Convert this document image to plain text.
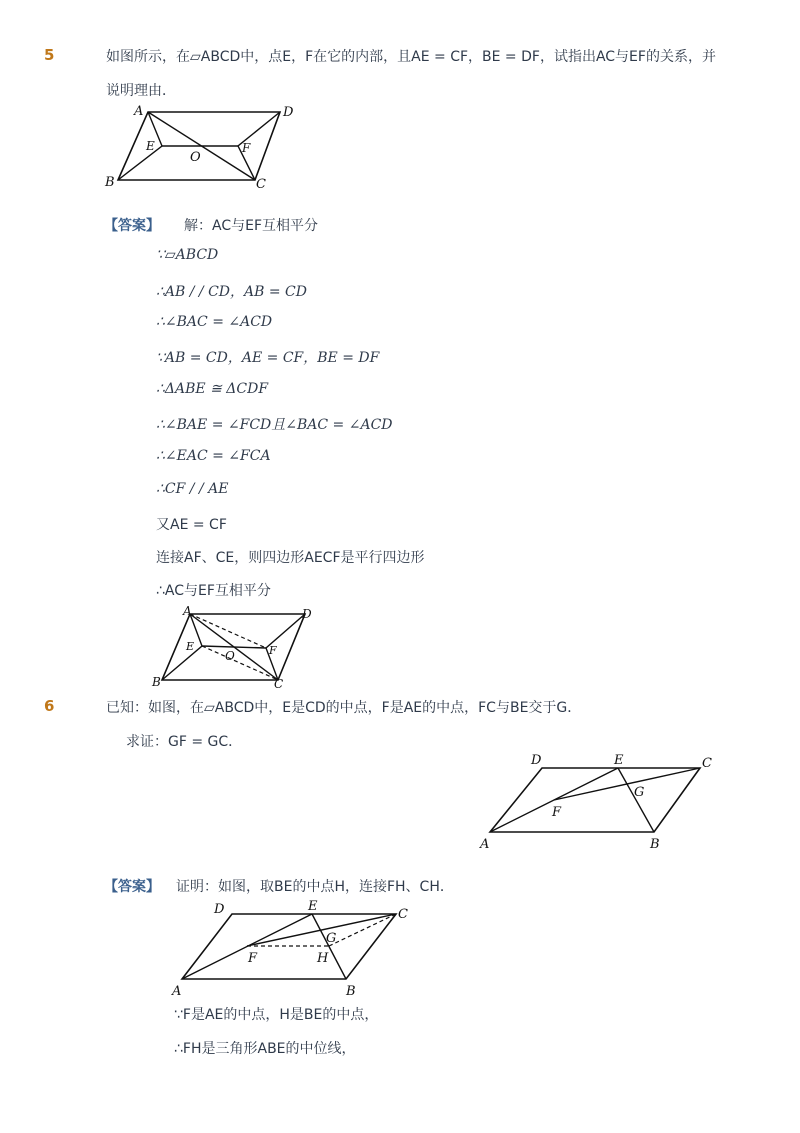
5	如图所示，在▱ABCD中，点E，F在它的内部，且AE = CF，BE = DF，试指出AC与EF的关系，并
说明理由．
A	D
B	C
E	F
O
【答案】 解：AC与EF互相平分
∵▱ABCD
∴AB / / CD，AB = CD
∴∠BAC = ∠ACD
∵AB = CD，AE = CF，BE = DF
∴ΔABE ≅ ΔCDF
∴∠BAE = ∠FCD且∠BAC = ∠ACD
∴∠EAC = ∠FCA
∴CF / / AE
又AE = CF
连接AF、CE，则四边形AECF是平行四边形
∴AC与EF互相平分
A	D
B	C
E	F
O
6	已知：如图，在▱ABCD中，E是CD的中点，F是AE的中点，FC与BE交于G．
求证：GF = GC．
D	E	C
G
F
A	B
【答案】 证明：如图，取BE的中点H，连接FH、CH．
D	E
C
G
F	H
A	B
∵F是AE的中点，H是BE的中点，
∴FH是三角形ABE的中位线，
